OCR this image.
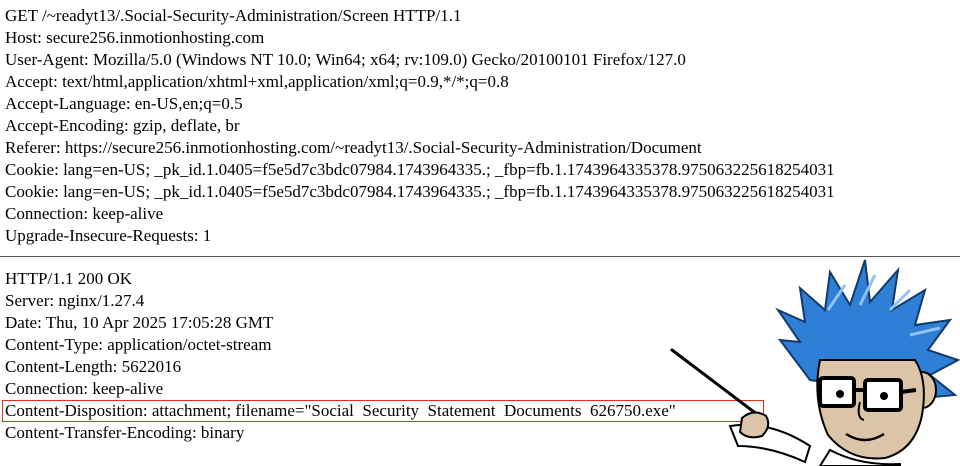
GET /~readyt13/.Social-Security-Administration/Screen HTTP/1.1
Host: secure256.inmotionhosting.com
User-Agent: Mozilla/5.0 (Windows NT 10.0; Win64; x64; rv:109.0) Gecko/20100101 Firefox/127.0
Accept: text/html,application/xhtml+xml,application/xml;q=0.9,*/*;q=0.8
Accept-Language: en-US,en;q=0.5
Accept-Encoding: gzip, deflate, br
Referer: https://secure256.inmotionhosting.com/~readyt13/.Social-Security-Administration/Document
Cookie: lang=en-US; _pk_id.1.0405=f5e5d7c3bdc07984.1743964335.; _fbp=fb.1.1743964335378.975063225618254031
Cookie: lang=en-US; _pk_id.1.0405=f5e5d7c3bdc07984.1743964335.; _fbp=fb.1.1743964335378.975063225618254031
Connection: keep-alive
Upgrade-Insecure-Requests: 1
HTTP/1.1 200 OK
Server: nginx/1.27.4
Date: Thu, 10 Apr 2025 17:05:28 GMT
Content-Type: application/octet-stream
Content-Length: 5622016
Connection: keep-alive
Content-Disposition: attachment; filename="Social  Security  Statement  Documents  626750.exe"
Content-Transfer-Encoding: binary
